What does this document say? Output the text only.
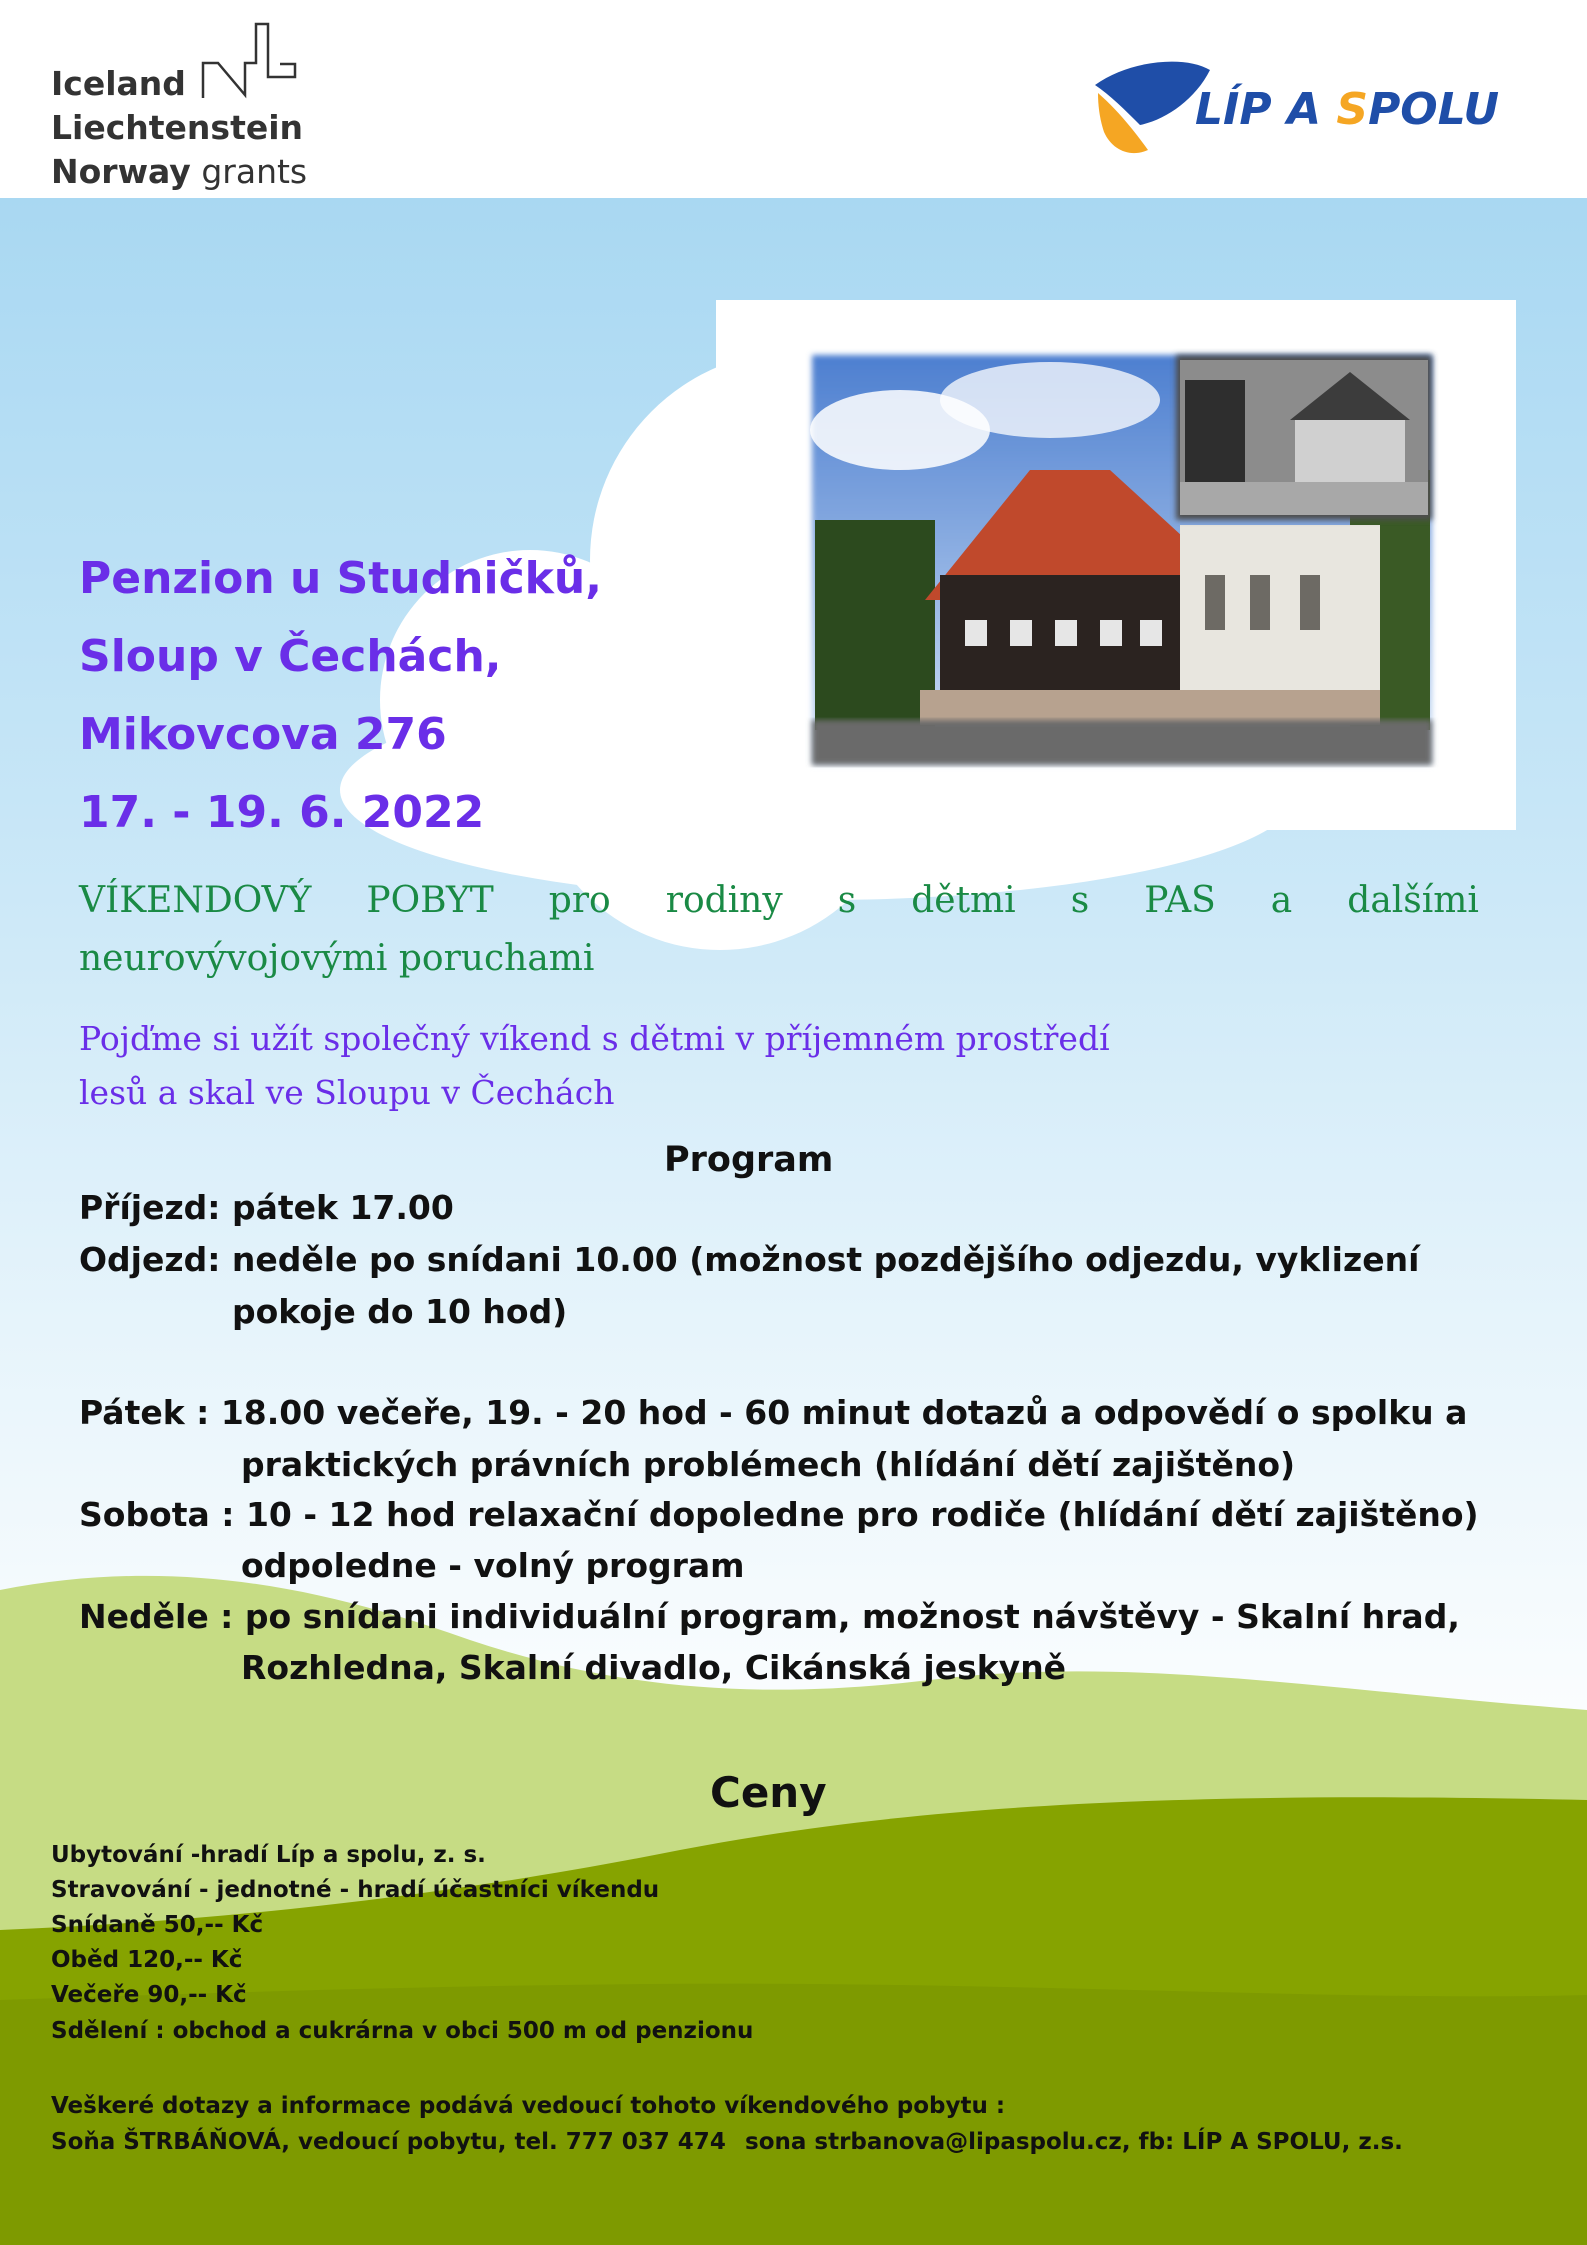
Iceland
Liechtenstein
Norway grants
LÍP A SPOLU
Penzion u Studničků,
Sloup v Čechách,
Mikovcova 276
17. - 19. 6. 2022
VÍKENDOVÝ POBYT pro rodiny s dětmi s PAS a dalšími
neurovývojovými poruchami
Pojďme si užít společný víkend s dětmi v příjemném prostředí
lesů a skal ve Sloupu v Čechách
Program
Příjezd: pátek 17.00
Odjezd: neděle po snídani 10.00 (možnost pozdějšího odjezdu, vyklizení
pokoje do 10 hod)
Pátek : 18.00 večeře, 19. - 20 hod - 60 minut dotazů a odpovědí o spolku a
praktických právních problémech (hlídání dětí zajištěno)
Sobota : 10 - 12 hod relaxační dopoledne pro rodiče (hlídání dětí zajištěno)
odpoledne - volný program
Neděle : po snídani individuální program, možnost návštěvy - Skalní hrad,
Rozhledna, Skalní divadlo, Cikánská jeskyně
Ceny
Ubytování -hradí Líp a spolu, z. s.
Stravování - jednotné - hradí účastníci víkendu
Snídaně 50,-- Kč
Oběd 120,-- Kč
Večeře 90,-- Kč
Sdělení : obchod a cukrárna v obci 500 m od penzionu
Veškeré dotazy a informace podává vedoucí tohoto víkendového pobytu :
Soňa ŠTRBÁŇOVÁ, vedoucí pobytu, tel. 777 037 474 sona strbanova@lipaspolu.cz, fb: LÍP A SPOLU, z.s.
